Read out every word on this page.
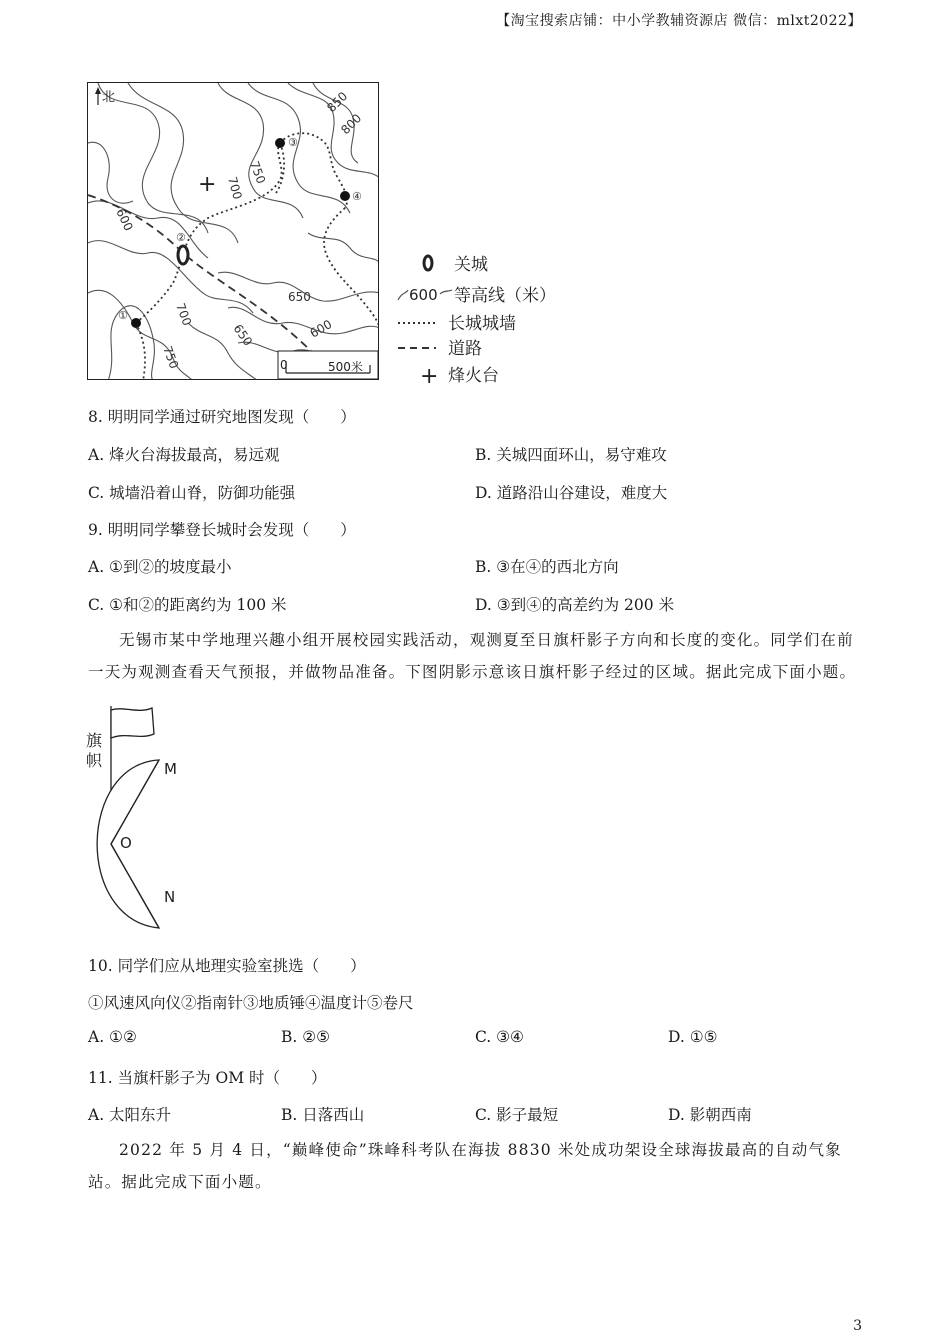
【淘宝搜索店铺：中小学教辅资源店 微信：mlxt2022】
北
+
850
800
750
700
600
650
600
700
750
650
①
②
③
④
0	500米
关城
600 等高线（米）
长城城墙
道路
+ 烽火台
8. 明明同学通过研究地图发现（　　）
A. 烽火台海拔最高，易远观	B. 关城四面环山，易守难攻
C. 城墙沿着山脊，防御功能强	D. 道路沿山谷建设，难度大
9. 明明同学攀登长城时会发现（　　）
A. ①到②的坡度最小	B. ③在④的西北方向
C. ①和②的距离约为 100 米	D. ③到④的高差约为 200 米
无锡市某中学地理兴趣小组开展校园实践活动，观测夏至日旗杆影子方向和长度的变化。同学们在前一天为观测查看天气预报，并做物品准备。下图阴影示意该日旗杆影子经过的区域。据此完成下面小题。
旗
帜	M
O
N
10. 同学们应从地理实验室挑选（　　）
①风速风向仪②指南针③地质锤④温度计⑤卷尺
A. ①②	B. ②⑤	C. ③④	D. ①⑤
11. 当旗杆影子为 OM 时（　　）
A. 太阳东升	B. 日落西山	C. 影子最短	D. 影朝西南
2022 年 5 月 4 日，“巅峰使命”珠峰科考队在海拔 8830 米处成功架设全球海拔最高的自动气象站。据此完成下面小题。
3
